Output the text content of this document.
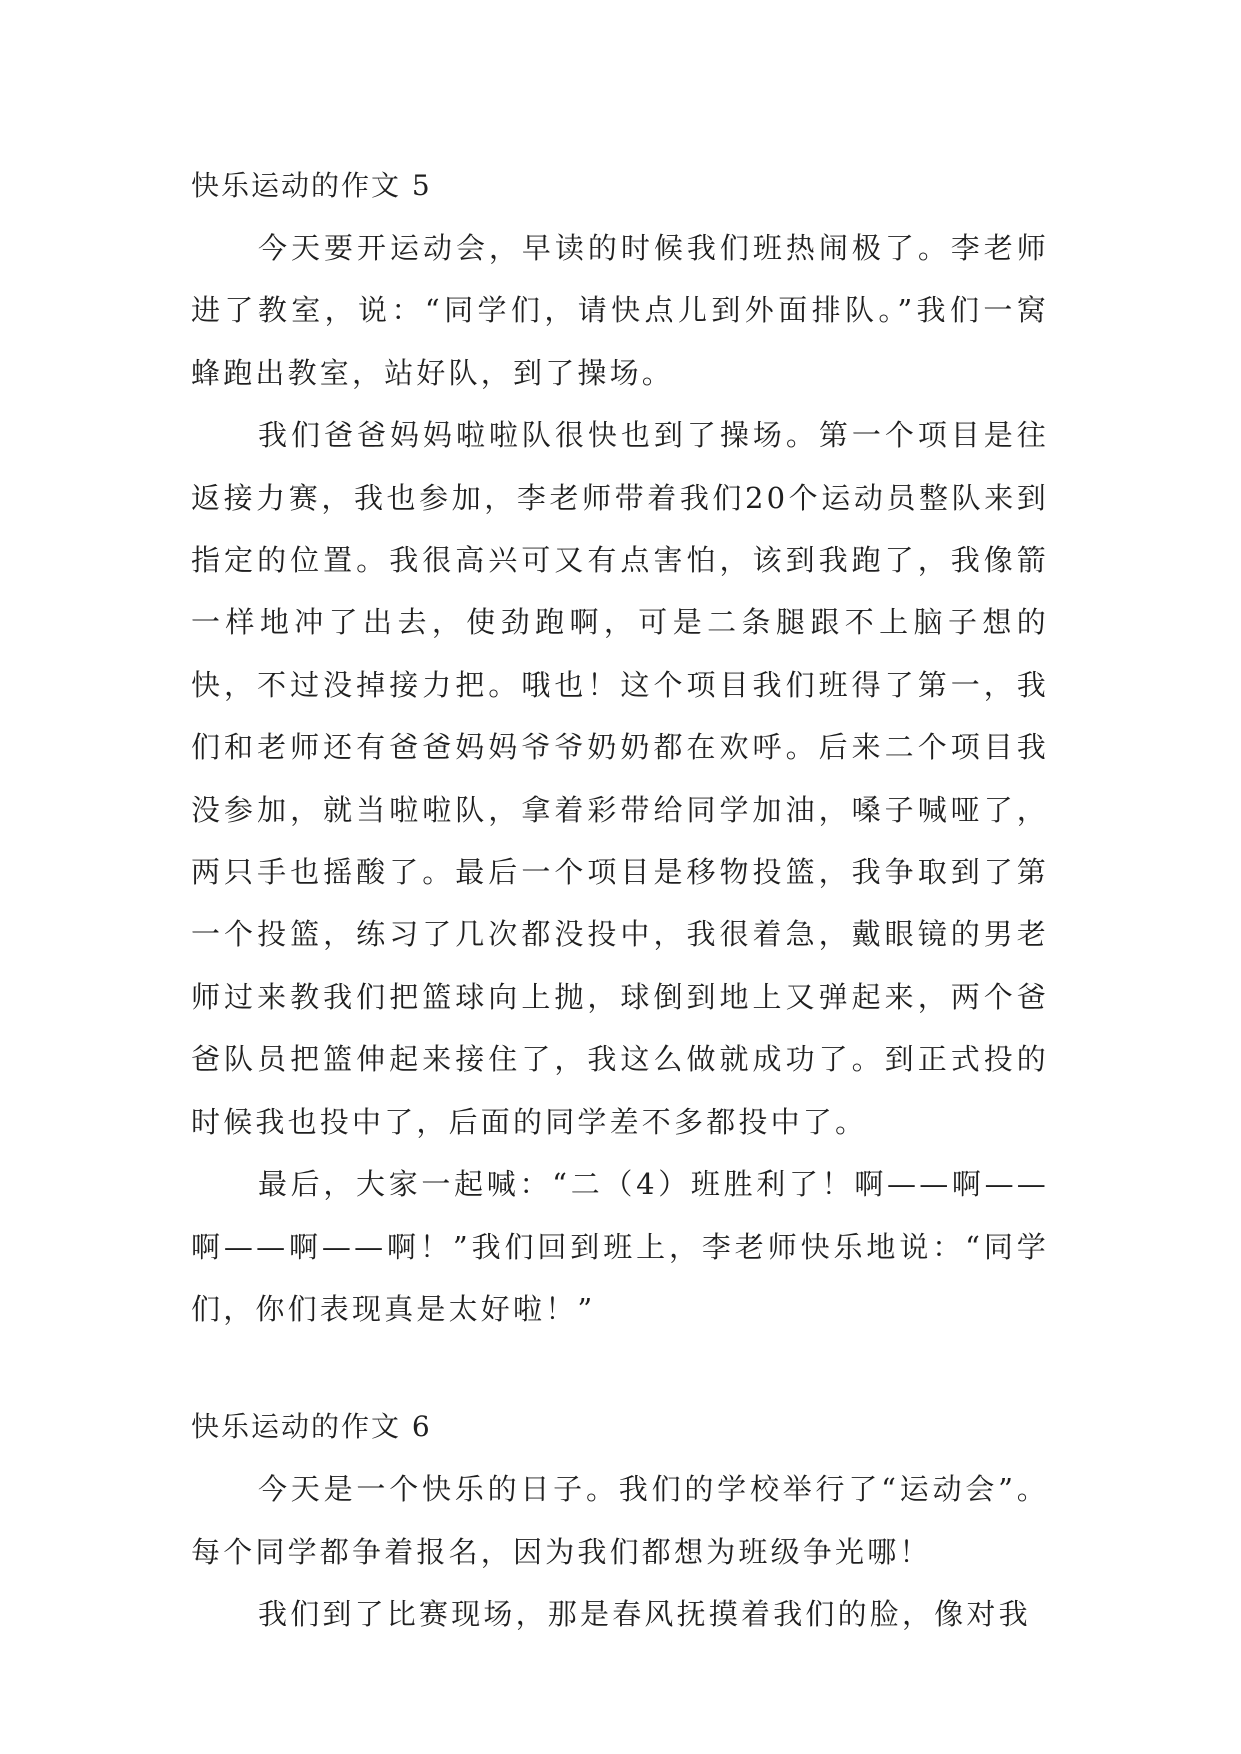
快乐运动的作文 5

今天要开运动会，早读的时候我们班热闹极了。李老师进了教室，说：“同学们，请快点儿到外面排队。”我们一窝蜂跑出教室，站好队，到了操场。

我们爸爸妈妈啦啦队很快也到了操场。第一个项目是往返接力赛，我也参加，李老师带着我们20个运动员整队来到指定的位置。我很高兴可又有点害怕，该到我跑了，我像箭一样地冲了出去，使劲跑啊，可是二条腿跟不上脑子想的快，不过没掉接力把。哦也！这个项目我们班得了第一，我们和老师还有爸爸妈妈爷爷奶奶都在欢呼。后来二个项目我没参加，就当啦啦队，拿着彩带给同学加油，嗓子喊哑了，两只手也摇酸了。最后一个项目是移物投篮，我争取到了第一个投篮，练习了几次都没投中，我很着急，戴眼镜的男老师过来教我们把篮球向上抛，球倒到地上又弹起来，两个爸爸队员把篮伸起来接住了，我这么做就成功了。到正式投的时候我也投中了，后面的同学差不多都投中了。

最后，大家一起喊：“二（4）班胜利了！啊——啊——啊——啊——啊！”我们回到班上，李老师快乐地说：“同学们，你们表现真是太好啦！”

快乐运动的作文 6

今天是一个快乐的日子。我们的学校举行了“运动会”。每个同学都争着报名，因为我们都想为班级争光哪！

我们到了比赛现场，那是春风抚摸着我们的脸，像对我
